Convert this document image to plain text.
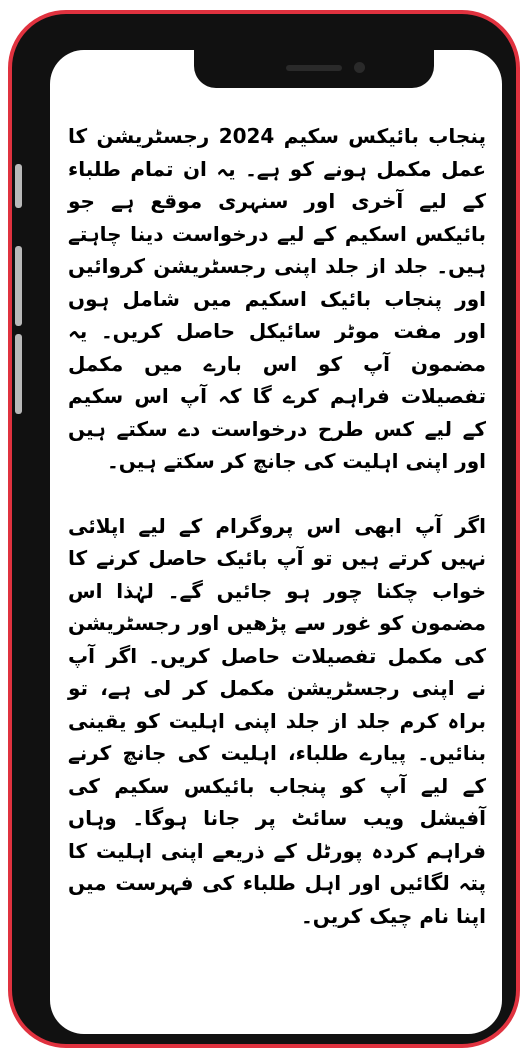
پنجاب بائیکس سکیم 2024 رجسٹریشن کا عمل مکمل ہونے کو ہے۔ یہ ان تمام طلباء کے لیے آخری اور سنہری موقع ہے جو بائیکس اسکیم کے لیے درخواست دینا چاہتے ہیں۔ جلد از جلد اپنی رجسٹریشن کروائیں اور پنجاب بائیک اسکیم میں شامل ہوں اور مفت موٹر سائیکل حاصل کریں۔ یہ مضمون آپ کو اس بارے میں مکمل تفصیلات فراہم کرے گا کہ آپ اس سکیم کے لیے کس طرح درخواست دے سکتے ہیں اور اپنی اہلیت کی جانچ کر سکتے ہیں۔

اگر آپ ابھی اس پروگرام کے لیے اپلائی نہیں کرتے ہیں تو آپ بائیک حاصل کرنے کا خواب چکنا چور ہو جائیں گے۔ لہٰذا اس مضمون کو غور سے پڑھیں اور رجسٹریشن کی مکمل تفصیلات حاصل کریں۔ اگر آپ نے اپنی رجسٹریشن مکمل کر لی ہے، تو براہ کرم جلد از جلد اپنی اہلیت کو یقینی بنائیں۔ پیارے طلباء، اہلیت کی جانچ کرنے کے لیے آپ کو پنجاب بائیکس سکیم کی آفیشل ویب سائٹ پر جانا ہوگا۔ وہاں فراہم کردہ پورٹل کے ذریعے اپنی اہلیت کا پتہ لگائیں اور اہل طلباء کی فہرست میں اپنا نام چیک کریں۔
